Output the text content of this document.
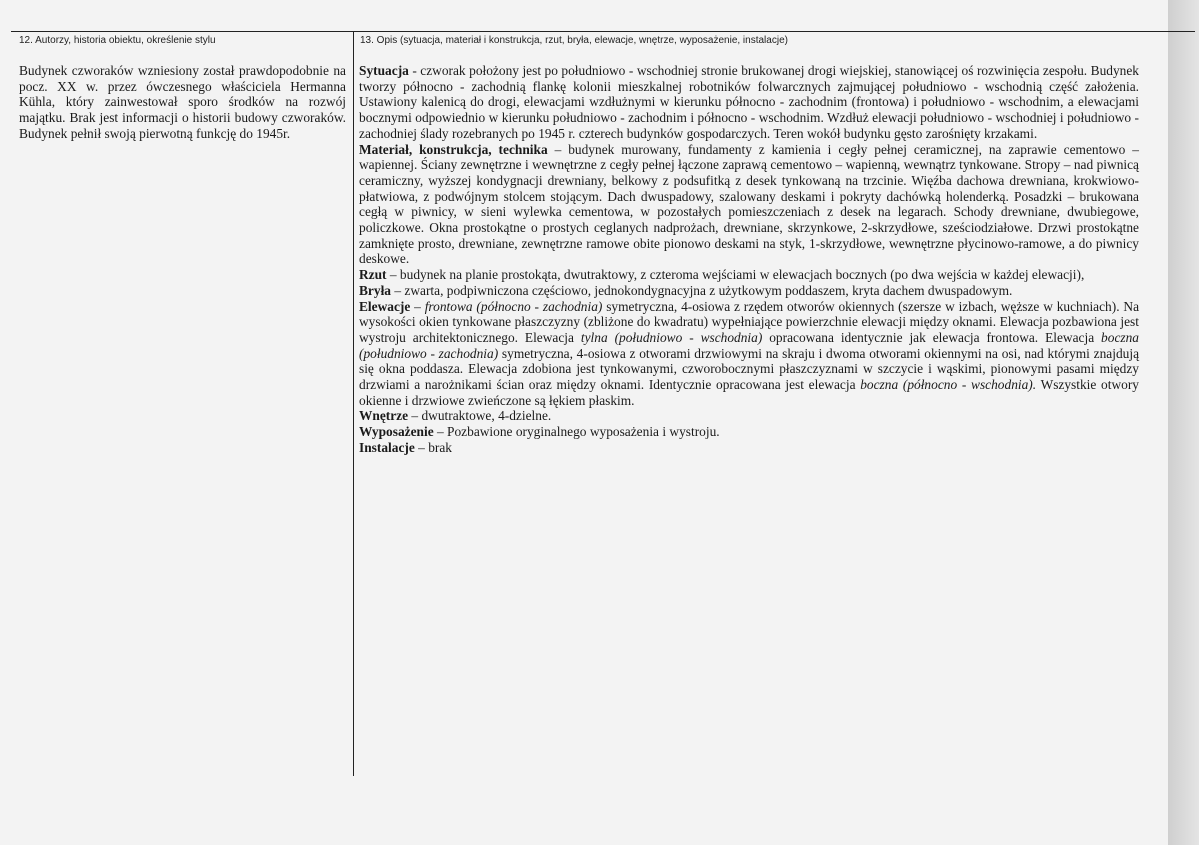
12. Autorzy, historia obiektu, określenie stylu	13. Opis (sytuacja, materiał i konstrukcja, rzut, bryła, elewacje, wnętrze, wyposażenie, instalacje)

Budynek czworaków wzniesiony został prawdopodobnie na pocz. XX w. przez ówczesnego właściciela Hermanna Kühla, który zainwestował sporo środków na rozwój majątku. Brak jest informacji o historii budowy czworaków. Budynek pełnił swoją pierwotną funkcję do 1945r.

Sytuacja - czworak położony jest po południowo - wschodniej stronie brukowanej drogi wiejskiej, stanowiącej oś rozwinięcia zespołu. Budynek tworzy północno - zachodnią flankę kolonii mieszkalnej robotników folwarcznych zajmującej południowo - wschodnią część założenia. Ustawiony kalenicą do drogi, elewacjami wzdłużnymi w kierunku północno - zachodnim (frontowa) i południowo - wschodnim, a elewacjami bocznymi odpowiednio w kierunku południowo - zachodnim i północno - wschodnim. Wzdłuż elewacji południowo - wschodniej i południowo - zachodniej ślady rozebranych po 1945 r. czterech budynków gospodarczych. Teren wokół budynku gęsto zarośnięty krzakami.

Materiał, konstrukcja, technika – budynek murowany, fundamenty z kamienia i cegły pełnej ceramicznej, na zaprawie cementowo – wapiennej. Ściany zewnętrzne i wewnętrzne z cegły pełnej łączone zaprawą cementowo – wapienną, wewnątrz tynkowane. Stropy – nad piwnicą ceramiczny, wyższej kondygnacji drewniany, belkowy z podsufitką z desek tynkowaną na trzcinie. Więźba dachowa drewniana, krokwiowo-płatwiowa, z podwójnym stolcem stojącym. Dach dwuspadowy, szalowany deskami i pokryty dachówką holenderką. Posadzki – brukowana cegłą w piwnicy, w sieni wylewka cementowa, w pozostałych pomieszczeniach z desek na legarach. Schody drewniane, dwubiegowe, policzkowe. Okna prostokątne o prostych ceglanych nadprożach, drewniane, skrzynkowe, 2-skrzydłowe, sześciodziałowe. Drzwi prostokątne zamknięte prosto, drewniane, zewnętrzne ramowe obite pionowo deskami na styk, 1-skrzydłowe, wewnętrzne płycinowo-ramowe, a do piwnicy deskowe.

Rzut – budynek na planie prostokąta, dwutraktowy, z czteroma wejściami w elewacjach bocznych (po dwa wejścia w każdej elewacji),

Bryła – zwarta, podpiwniczona częściowo, jednokondygnacyjna z użytkowym poddaszem, kryta dachem dwuspadowym.

Elewacje – frontowa (północno - zachodnia) symetryczna, 4-osiowa z rzędem otworów okiennych (szersze w izbach, węższe w kuchniach). Na wysokości okien tynkowane płaszczyzny (zbliżone do kwadratu) wypełniające powierzchnie elewacji między oknami. Elewacja pozbawiona jest wystroju architektonicznego. Elewacja tylna (południowo - wschodnia) opracowana identycznie jak elewacja frontowa. Elewacja boczna (południowo - zachodnia) symetryczna, 4-osiowa z otworami drzwiowymi na skraju i dwoma otworami okiennymi na osi, nad którymi znajdują się okna poddasza. Elewacja zdobiona jest tynkowanymi, czworobocznymi płaszczyznami w szczycie i wąskimi, pionowymi pasami między drzwiami a narożnikami ścian oraz między oknami. Identycznie opracowana jest elewacja boczna (północno - wschodnia). Wszystkie otwory okienne i drzwiowe zwieńczone są łękiem płaskim.

Wnętrze – dwutraktowe, 4-dzielne.

Wyposażenie – Pozbawione oryginalnego wyposażenia i wystroju.

Instalacje – brak
